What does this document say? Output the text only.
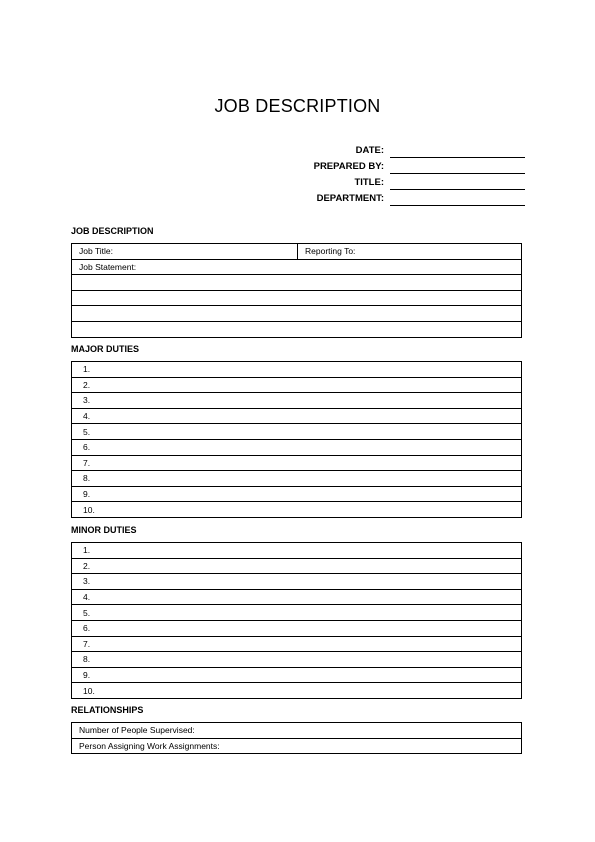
JOB DESCRIPTION
DATE:
PREPARED BY:
TITLE:
DEPARTMENT:
JOB DESCRIPTION
Job Title:	Reporting To:
Job Statement:

MAJOR DUTIES
1.
2.
3.
4.
5.
6.
7.
8.
9.
10.
MINOR DUTIES
1.
2.
3.
4.
5.
6.
7.
8.
9.
10.
RELATIONSHIPS
Number of People Supervised:
Person Assigning Work Assignments:
